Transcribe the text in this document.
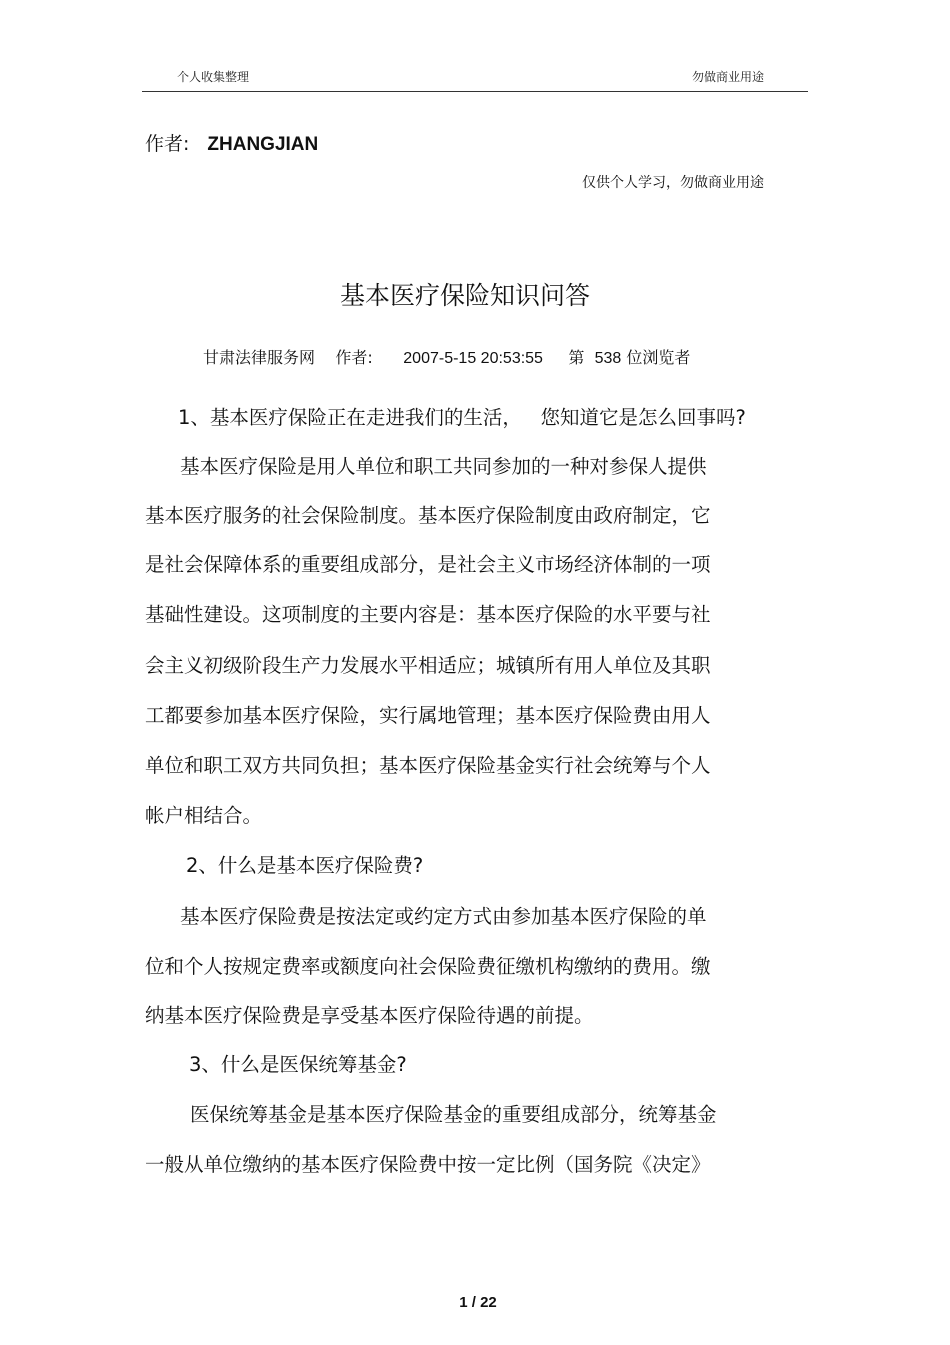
个人收集整理	勿做商业用途
作者: ZHANGJIAN
仅供个人学习，勿做商业用途
基本医疗保险知识问答
甘肃法律服务网 作者: 2007-5-15 20:53:55 第 538 位浏览者
1、基本医疗保险正在走进我们的生活，   您知道它是怎么回事吗?
基本医疗保险是用人单位和职工共同参加的一种对参保人提供
基本医疗服务的社会保险制度。基本医疗保险制度由政府制定，它
是社会保障体系的重要组成部分，是社会主义市场经济体制的一项
基础性建设。这项制度的主要内容是：基本医疗保险的水平要与社
会主义初级阶段生产力发展水平相适应；城镇所有用人单位及其职
工都要参加基本医疗保险，实行属地管理；基本医疗保险费由用人
单位和职工双方共同负担；基本医疗保险基金实行社会统筹与个人
帐户相结合。
2、什么是基本医疗保险费?
基本医疗保险费是按法定或约定方式由参加基本医疗保险的单
位和个人按规定费率或额度向社会保险费征缴机构缴纳的费用。缴
纳基本医疗保险费是享受基本医疗保险待遇的前提。
3、什么是医保统筹基金?
医保统筹基金是基本医疗保险基金的重要组成部分，统筹基金
一般从单位缴纳的基本医疗保险费中按一定比例（国务院《决定》
1 / 22
